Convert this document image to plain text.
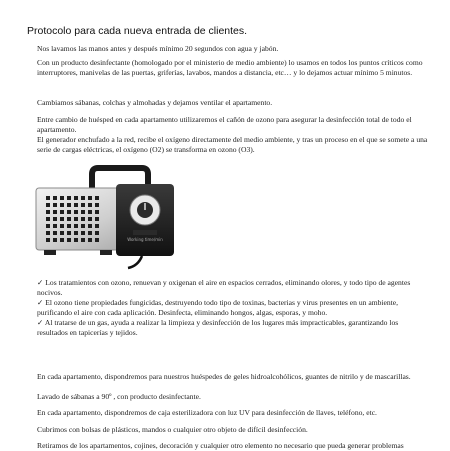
Protocolo para cada nueva entrada de clientes.
Nos lavamos las manos antes y después mínimo 20 segundos con agua y jabón.
Con un producto desinfectante (homologado por el ministerio de medio ambiente) lo usamos en todos los puntos críticos como interruptores, manivelas de las puertas, griferías, lavabos, mandos a distancia, etc… y lo dejamos actuar mínimo 5 minutos.
Cambiamos sábanas, colchas y almohadas y dejamos ventilar el apartamento.
Entre cambio de huésped en cada apartamento utilizaremos el cañón de ozono para asegurar la desinfección total de todo el apartamento.
El generador enchufado a la red, recibe el oxígeno directamente del medio ambiente, y tras un proceso en el que se somete a una serie de cargas eléctricas, el oxígeno (O2) se transforma en ozono (O3).
Working time/min
✓ Los tratamientos con ozono, renuevan y oxigenan el aire en espacios cerrados, eliminando olores, y todo tipo de agentes nocivos.
✓ El ozono tiene propiedades fungicidas, destruyendo todo tipo de toxinas, bacterias y virus presentes en un ambiente, purificando el aire con cada aplicación. Desinfecta, eliminando hongos, algas, esporas, y moho.
✓ Al tratarse de un gas, ayuda a realizar la limpieza y desinfección de los lugares más impracticables, garantizando los resultados en tapicerías y tejidos.
En cada apartamento, dispondremos para nuestros huéspedes de geles hidroalcohólicos, guantes de nitrilo y de mascarillas.
Lavado de sábanas a 90º , con producto desinfectante.
En cada apartamento, dispondremos de caja esterilizadora con luz UV para desinfección de llaves, teléfono, etc.
Cubrimos con bolsas de plásticos, mandos o cualquier otro objeto de difícil desinfección.
Retiramos de los apartamentos, cojines, decoración y cualquier otro elemento no necesario que pueda generar problemas
